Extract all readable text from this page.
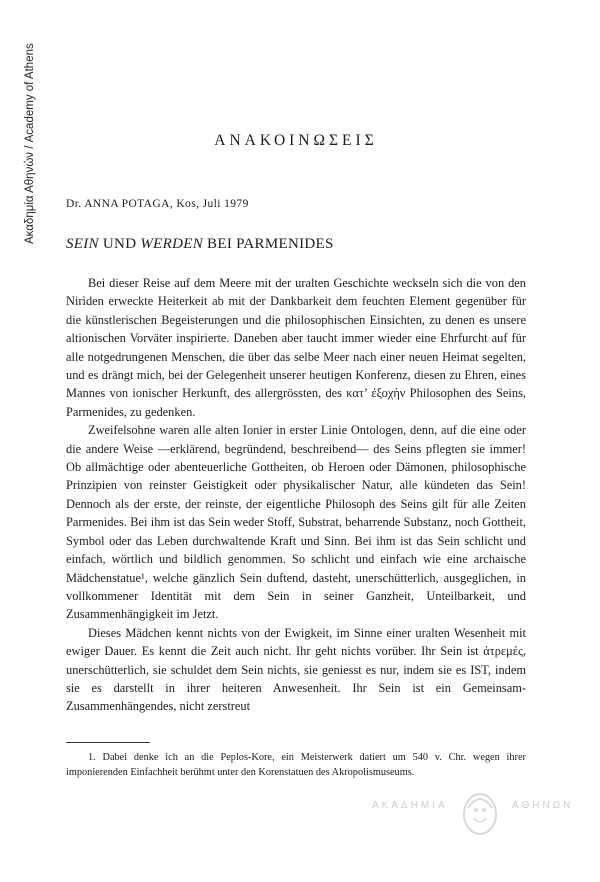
Ακαδημία Αθηνών / Academy of Athens	ΑΝΑΚΟΙΝΩΣΕΙΣ
Dr. ANNA POTAGA, Kos, Juli 1979
SEIN UND WERDEN BEI PARMENIDES

Bei dieser Reise auf dem Meere mit der uralten Geschichte weckseln sich die von den Nirìden erweckte Heiterkeit ab mit der Dankbarkeit dem feuchten Element gegenüber für die künstlerischen Begeisterungen und die philosophischen Einsichten, zu denen es unsere altionischen Vorväter inspirierte. Daneben aber taucht immer wieder eine Ehrfurcht auf für alle notgedrungenen Menschen, die über das selbe Meer nach einer neuen Heimat segelten, und es drängt mich, bei der Gelegenheit unserer heutigen Konferenz, diesen zu Ehren, eines Mannes von ionischer Herkunft, des allergrössten, des κατ’ ἐξοχὴν Philosophen des Seins, Parmenides, zu gedenken.

Zweifelsohne waren alle alten Ionier in erster Linie Ontologen, denn, auf die eine oder die andere Weise —erklärend, begründend, beschreibend— des Seins pflegten sie immer! Ob allmächtige oder abenteuerliche Gottheiten, ob Heroen oder Dämonen, philosophische Prinzipien von reinster Geistigkeit oder physikalischer Natur, alle kündeten das Sein! Dennoch als der erste, der reinste, der eigentliche Philosoph des Seins gilt für alle Zeiten Parmenides. Bei ihm ist das Sein weder Stoff, Substrat, beharrende Substanz, noch Gottheit, Symbol oder das Leben durchwaltende Kraft und Sinn. Bei ihm ist das Sein schlicht und einfach, wörtlich und bildlich genommen. So schlicht und einfach wie eine archaische Mädchenstatue¹, welche gänzlich Sein duftend, dasteht, unerschütterlich, ausgeglichen, in vollkommener Identität mit dem Sein in seiner Ganzheit, Unteilbarkeit, und Zusammenhängigkeit im Jetzt.

Dieses Mädchen kennt nichts von der Ewigkeit, im Sinne einer uralten Wesenheit mit ewiger Dauer. Es kennt die Zeit auch nicht. Ihr geht nichts vorüber. Ihr Sein ist ἀτρεμές, unerschütterlich, sie schuldet dem Sein nichts, sie geniesst es nur, indem sie es IST, indem sie es darstellt in ihrer heiteren Anwesenheit. Ihr Sein ist ein Gemeinsam-Zusammenhängendes, nicht zerstreut

1. Dabei denke ich an die Peplos-Kore, ein Meisterwerk datiert um 540 v. Chr. wegen ihrer imponierenden Einfachheit berühmt unter den Korenstatuen des Akropolismuseums.

ΑΚΑΔΗΜΙΑ	ΑΘΗΝΩΝ
